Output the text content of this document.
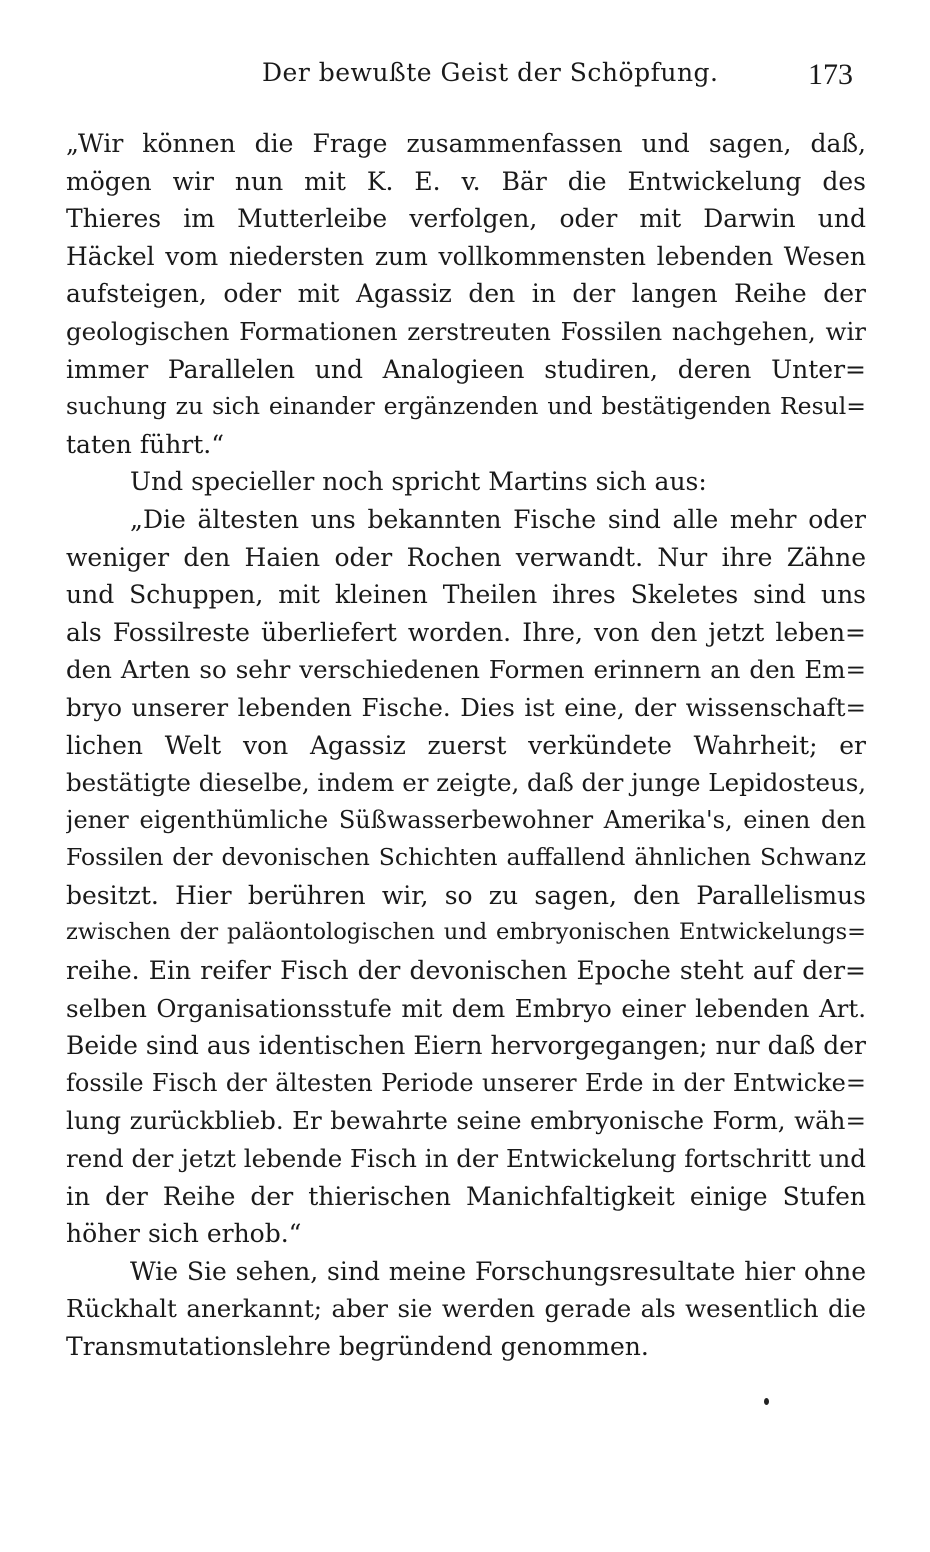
Der bewußte Geist der Schöpfung.	173
„Wir können die Frage zusammenfassen und sagen, daß,
mögen wir nun mit K. E. v. Bär die Entwickelung des
Thieres im Mutterleibe verfolgen, oder mit Darwin und
Häckel vom niedersten zum vollkommensten lebenden Wesen
aufsteigen, oder mit Agassiz den in der langen Reihe der
geologischen Formationen zerstreuten Fossilen nachgehen, wir
immer Parallelen und Analogieen studiren, deren Unter=
suchung zu sich einander ergänzenden und bestätigenden Resul=
taten führt.“
Und specieller noch spricht Martins sich aus:
„Die ältesten uns bekannten Fische sind alle mehr oder
weniger den Haien oder Rochen verwandt. Nur ihre Zähne
und Schuppen, mit kleinen Theilen ihres Skeletes sind uns
als Fossilreste überliefert worden. Ihre, von den jetzt leben=
den Arten so sehr verschiedenen Formen erinnern an den Em=
bryo unserer lebenden Fische. Dies ist eine, der wissenschaft=
lichen Welt von Agassiz zuerst verkündete Wahrheit; er
bestätigte dieselbe, indem er zeigte, daß der junge Lepidosteus,
jener eigenthümliche Süßwasserbewohner Amerika's, einen den
Fossilen der devonischen Schichten auffallend ähnlichen Schwanz
besitzt. Hier berühren wir, so zu sagen, den Parallelismus
zwischen der paläontologischen und embryonischen Entwickelungs=
reihe. Ein reifer Fisch der devonischen Epoche steht auf der=
selben Organisationsstufe mit dem Embryo einer lebenden Art.
Beide sind aus identischen Eiern hervorgegangen; nur daß der
fossile Fisch der ältesten Periode unserer Erde in der Entwicke=
lung zurückblieb. Er bewahrte seine embryonische Form, wäh=
rend der jetzt lebende Fisch in der Entwickelung fortschritt und
in der Reihe der thierischen Manichfaltigkeit einige Stufen
höher sich erhob.“
Wie Sie sehen, sind meine Forschungsresultate hier ohne
Rückhalt anerkannt; aber sie werden gerade als wesentlich die
Transmutationslehre begründend genommen.
